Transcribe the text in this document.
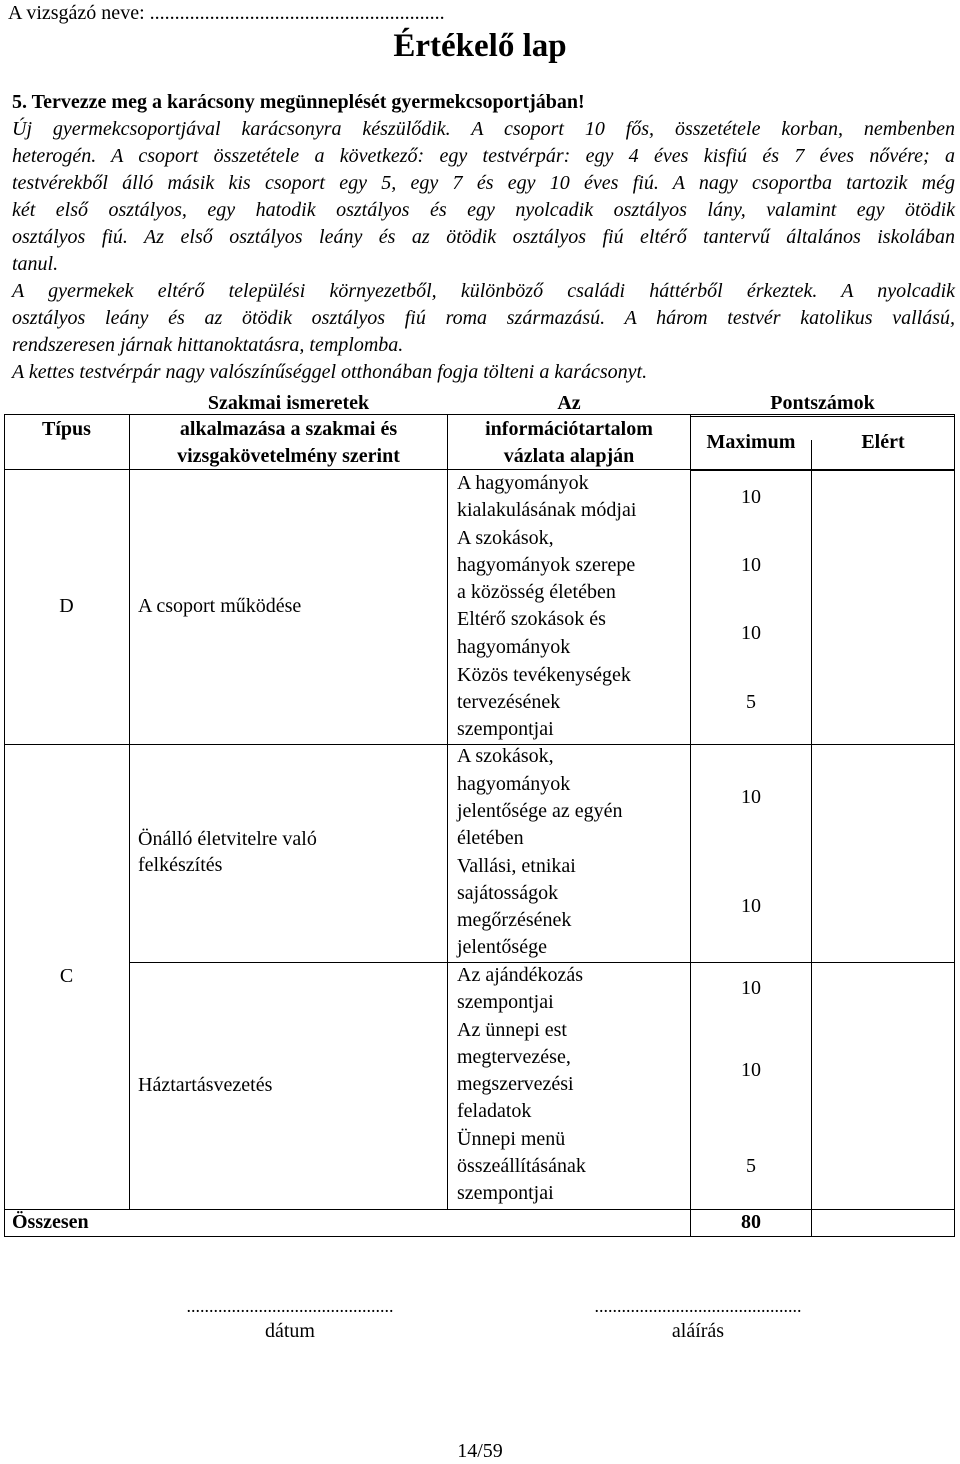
A vizsgázó neve: ...........................................................
Értékelő lap
5. Tervezze meg a karácsony megünneplését gyermekcsoportjában!
Új gyermekcsoportjával karácsonyra készülődik. A csoport 10 fős, összetétele korban, nembenben
heterogén. A csoport összetétele a következő: egy testvérpár: egy 4 éves kisfiú és 7 éves nővére; a
testvérekből álló másik kis csoport egy 5, egy 7 és egy 10 éves fiú. A nagy csoportba tartozik még
két első osztályos, egy hatodik osztályos és egy nyolcadik osztályos lány, valamint egy ötödik
osztályos fiú. Az első osztályos leány és az ötödik osztályos fiú eltérő tantervű általános iskolában
tanul.
A gyermekek eltérő települési környezetből, különböző családi háttérből érkeztek. A nyolcadik
osztályos leány és az ötödik osztályos fiú roma származású. A három testvér katolikus vallású,
rendszeresen járnak hittanoktatásra, templomba.
A kettes testvérpár nagy valószínűséggel otthonában fogja tölteni a karácsonyt.
Típus
Szakmai ismeretek
alkalmazása a szakmai és
vizsgakövetelmény szerint
Az
információtartalom
vázlata alapján
Pontszámok
Maximum	Elért
D
C
A csoport működése
Önálló életvitelre való
felkészítés
Háztartásvezetés
A hagyományok
kialakulásának módjai
10
A szokások,
hagyományok szerepe
a közösség életében
10
Eltérő szokások és
hagyományok
10
Közös tevékenységek
tervezésének
szempontjai
5
A szokások,
hagyományok
jelentősége az egyén
életében
10
Vallási, etnikai
sajátosságok
megőrzésének
jelentősége
10
Az ajándékozás
szempontjai
10
Az ünnepi est
megtervezése,
megszervezési
feladatok
10
Ünnepi menü
összeállításának
szempontjai
5
Összesen	80
..............................................
dátum
..............................................
aláírás
14/59
